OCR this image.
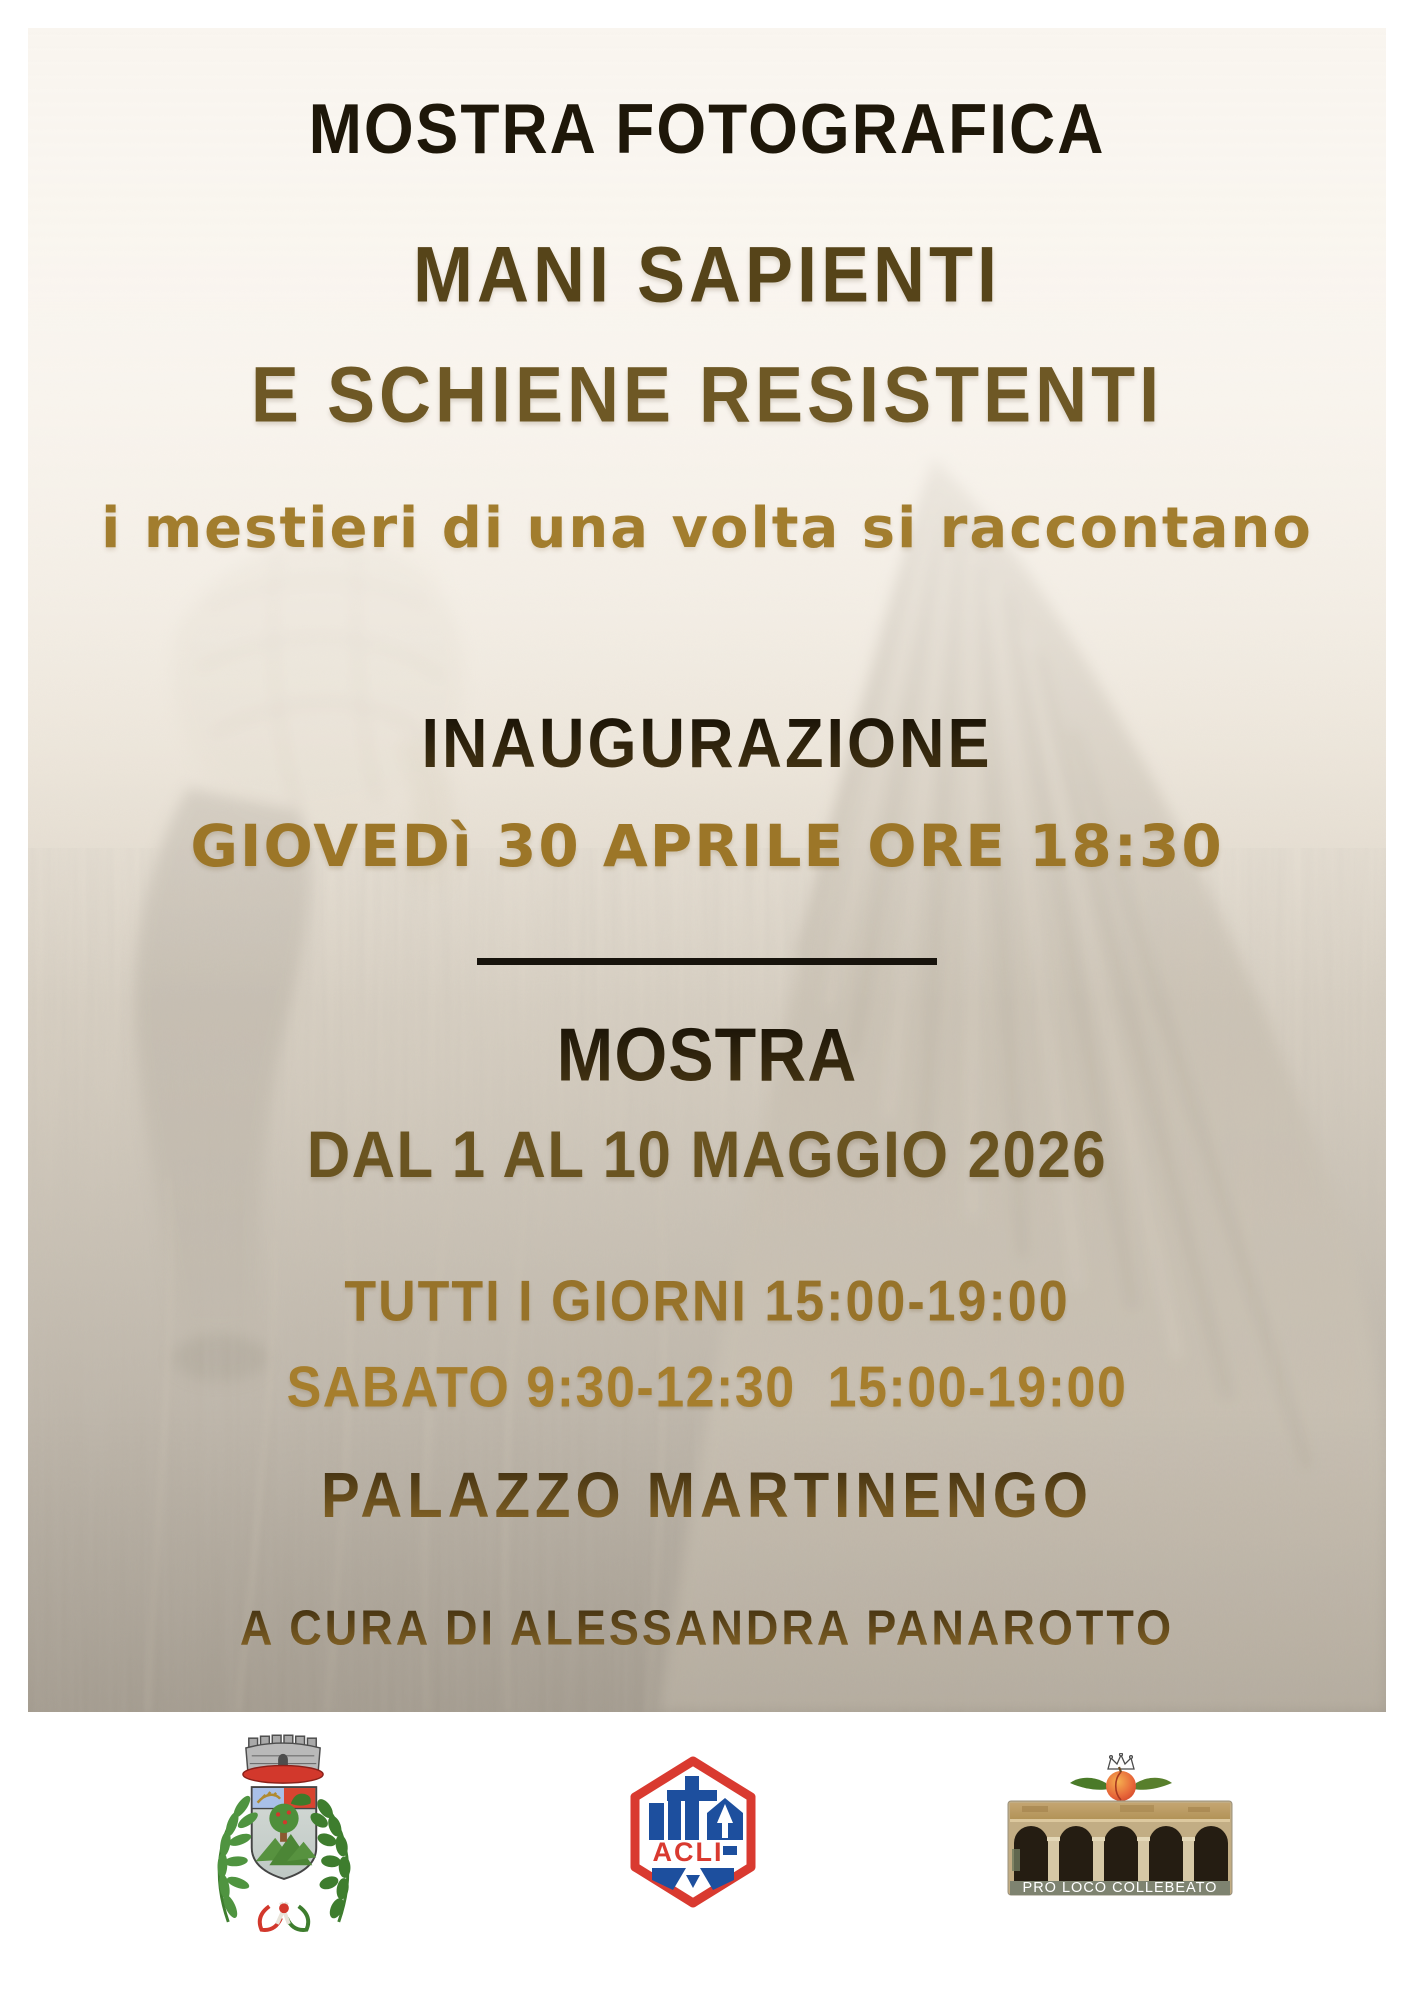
MOSTRA FOTOGRAFICA
MANI SAPIENTI
E SCHIENE RESISTENTI
i mestieri di una volta si raccontano
INAUGURAZIONE
GIOVEDì 30 APRILE ORE 18:30
MOSTRA
DAL 1 AL 10 MAGGIO 2026
TUTTI I GIORNI 15:00-19:00
SABATO 9:30-12:30  15:00-19:00
PALAZZO MARTINENGO
A CURA DI ALESSANDRA PANAROTTO
ACLI
PRO LOCO COLLEBEATO
